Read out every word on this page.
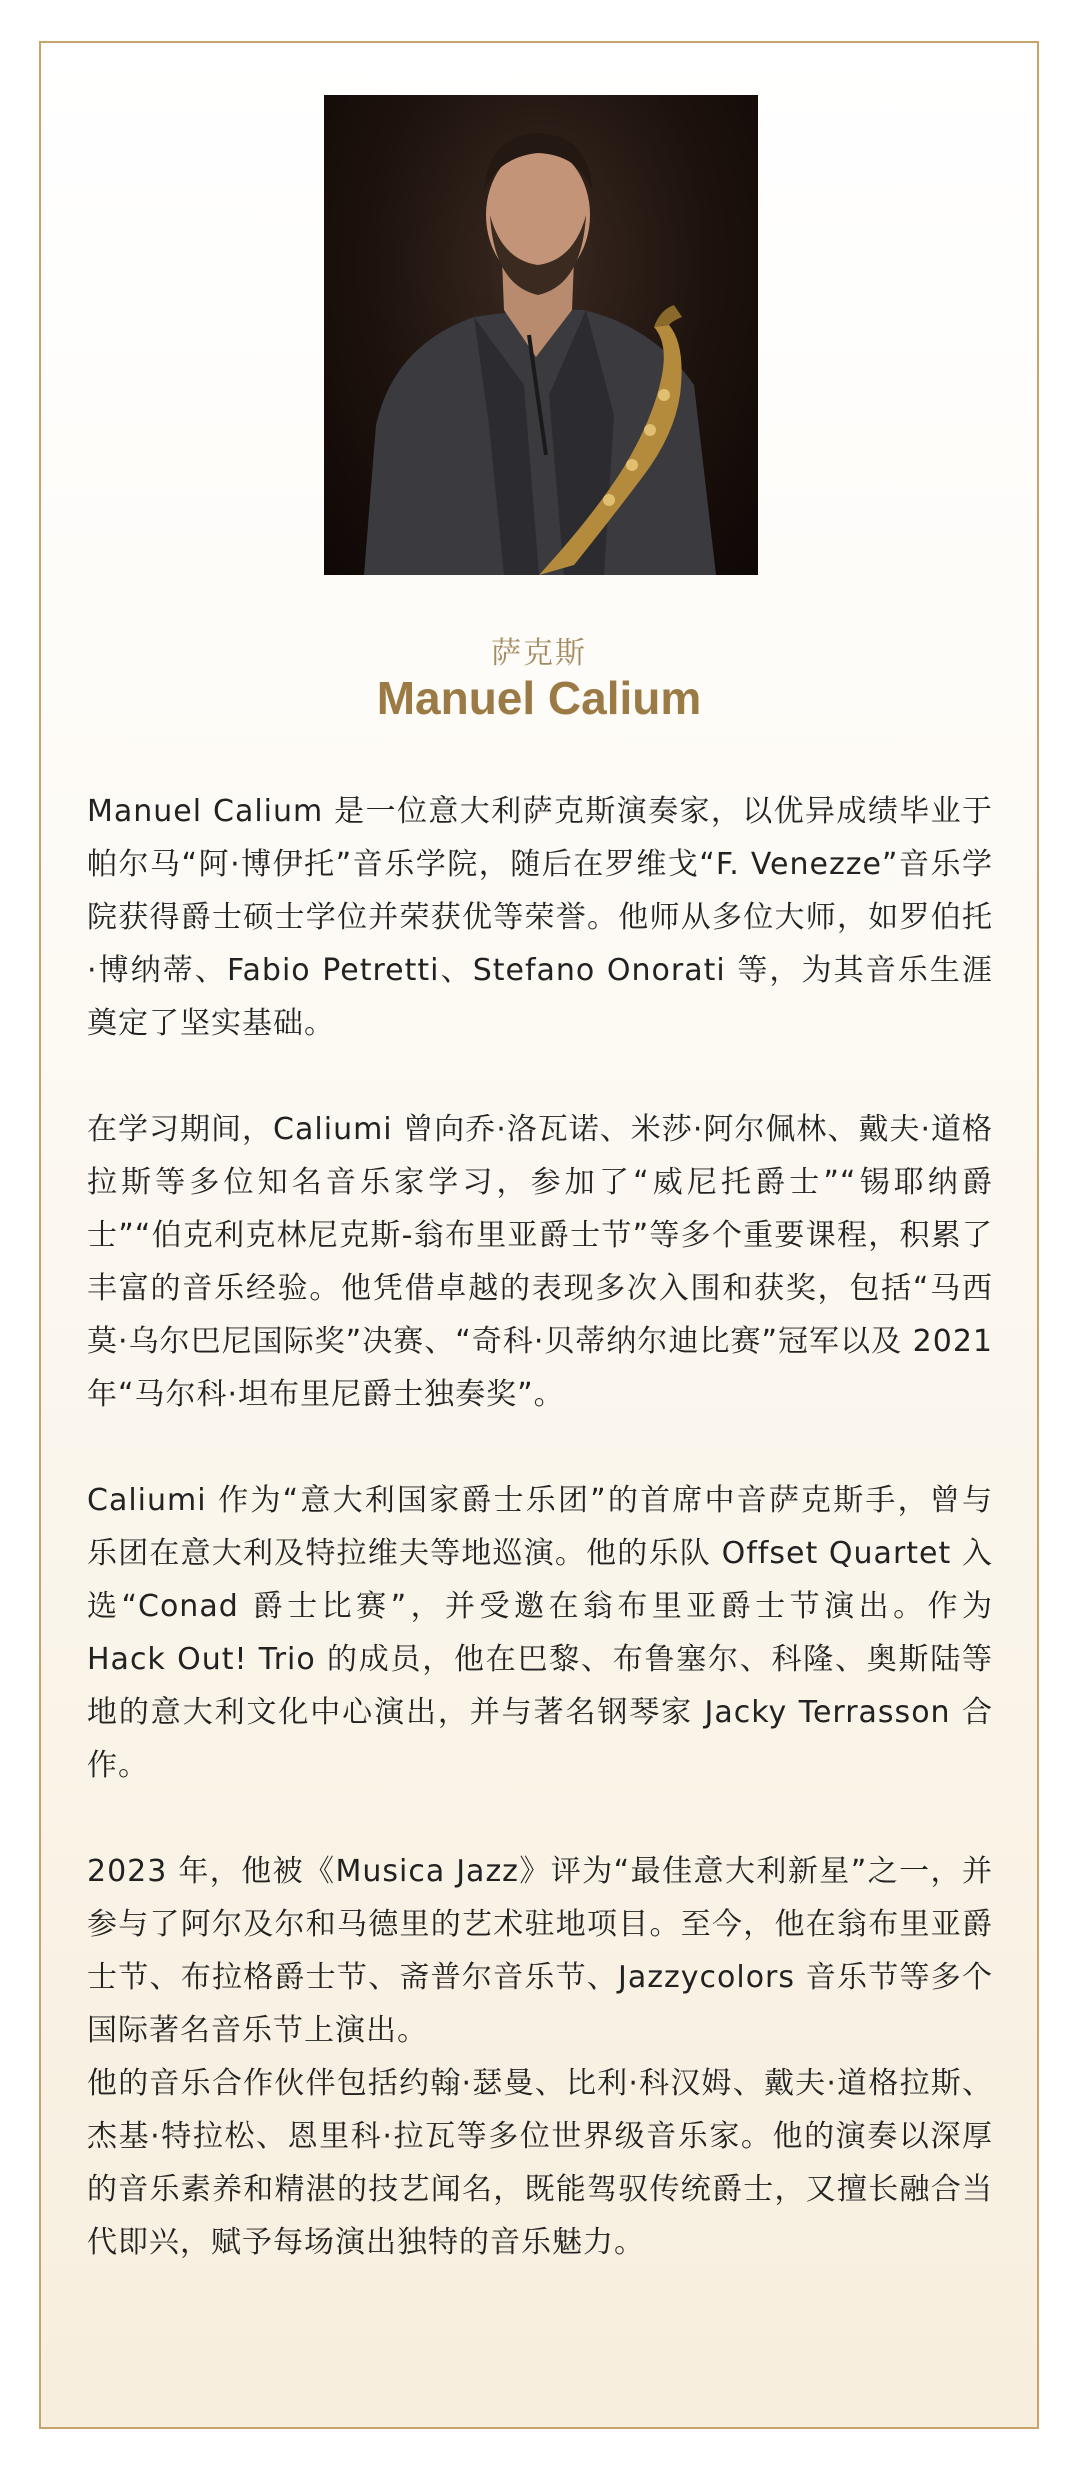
萨克斯
Manuel Calium

Manuel Calium 是一位意大利萨克斯演奏家，以优异成绩毕业于帕尔马“阿·博伊托”音乐学院，随后在罗维戈“F. Venezze”音乐学院获得爵士硕士学位并荣获优等荣誉。他师从多位大师，如罗伯托·博纳蒂、Fabio Petretti、Stefano Onorati 等，为其音乐生涯奠定了坚实基础。

在学习期间，Caliumi 曾向乔·洛瓦诺、米莎·阿尔佩林、戴夫·道格拉斯等多位知名音乐家学习，参加了“威尼托爵士”“锡耶纳爵士”“伯克利克林尼克斯-翁布里亚爵士节”等多个重要课程，积累了丰富的音乐经验。他凭借卓越的表现多次入围和获奖，包括“马西莫·乌尔巴尼国际奖”决赛、“奇科·贝蒂纳尔迪比赛”冠军以及 2021 年“马尔科·坦布里尼爵士独奏奖”。

Caliumi 作为“意大利国家爵士乐团”的首席中音萨克斯手，曾与乐团在意大利及特拉维夫等地巡演。他的乐队 Offset Quartet 入选“Conad 爵士比赛”，并受邀在翁布里亚爵士节演出。作为 Hack Out! Trio 的成员，他在巴黎、布鲁塞尔、科隆、奥斯陆等地的意大利文化中心演出，并与著名钢琴家 Jacky Terrasson 合作。

2023 年，他被《Musica Jazz》评为“最佳意大利新星”之一，并参与了阿尔及尔和马德里的艺术驻地项目。至今，他在翁布里亚爵士节、布拉格爵士节、斋普尔音乐节、Jazzycolors 音乐节等多个国际著名音乐节上演出。

他的音乐合作伙伴包括约翰·瑟曼、比利·科汉姆、戴夫·道格拉斯、杰基·特拉松、恩里科·拉瓦等多位世界级音乐家。他的演奏以深厚的音乐素养和精湛的技艺闻名，既能驾驭传统爵士，又擅长融合当代即兴，赋予每场演出独特的音乐魅力。
